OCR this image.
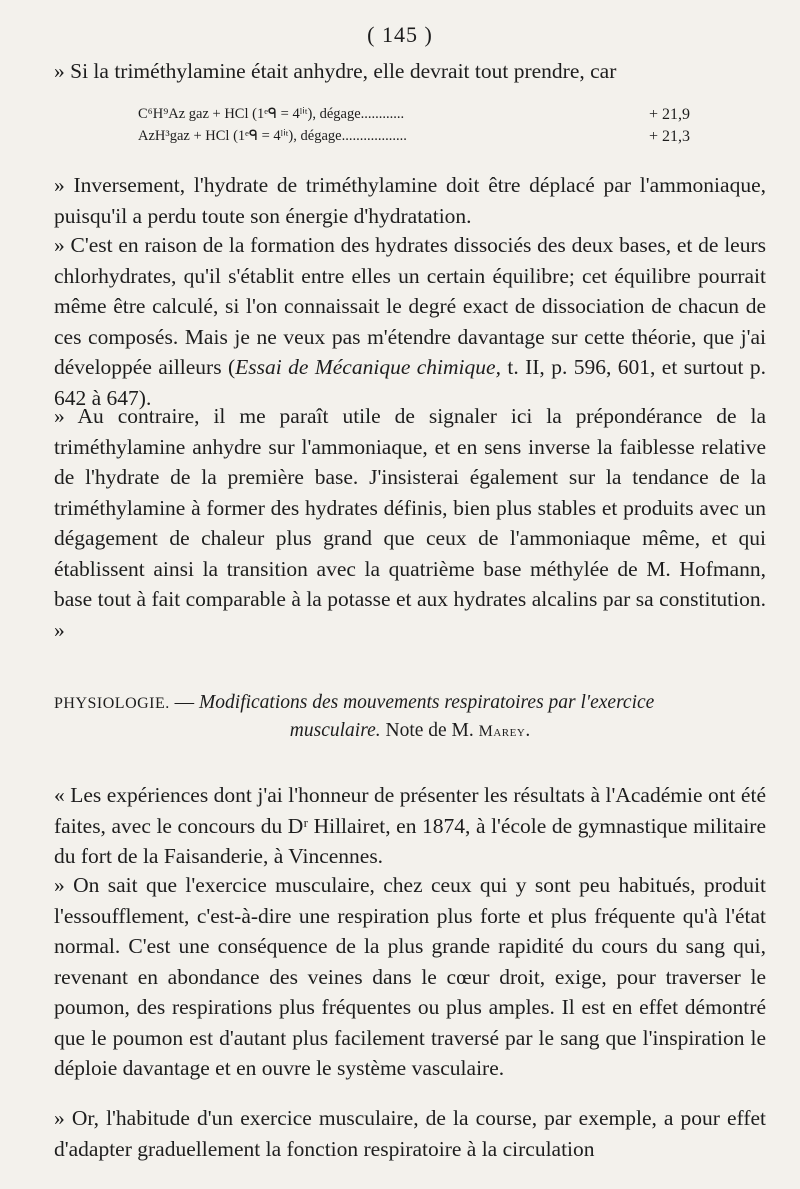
( 145 )

» Si la triméthylamine était anhydre, elle devrait tout prendre, car

C⁶H⁹Az gaz + HCl (1ᵉᑫ = 4ˡⁱᵗ), dégage............	+ 21,9
AzH³gaz + HCl (1ᵉᑫ = 4ˡⁱᵗ), dégage..................	+ 21,3

» Inversement, l'hydrate de triméthylamine doit être déplacé par l'ammoniaque, puisqu'il a perdu toute son énergie d'hydratation.

» C'est en raison de la formation des hydrates dissociés des deux bases, et de leurs chlorhydrates, qu'il s'établit entre elles un certain équilibre; cet équilibre pourrait même être calculé, si l'on connaissait le degré exact de dissociation de chacun de ces composés. Mais je ne veux pas m'étendre davantage sur cette théorie, que j'ai développée ailleurs (Essai de Mécanique chimique, t. II, p. 596, 601, et surtout p. 642 à 647).

» Au contraire, il me paraît utile de signaler ici la prépondérance de la triméthylamine anhydre sur l'ammoniaque, et en sens inverse la faiblesse relative de l'hydrate de la première base. J'insisterai également sur la tendance de la triméthylamine à former des hydrates définis, bien plus stables et produits avec un dégagement de chaleur plus grand que ceux de l'ammoniaque même, et qui établissent ainsi la transition avec la quatrième base méthylée de M. Hofmann, base tout à fait comparable à la potasse et aux hydrates alcalins par sa constitution. »

PHYSIOLOGIE. — Modifications des mouvements respiratoires par l'exercice
musculaire. Note de M. Marey.

« Les expériences dont j'ai l'honneur de présenter les résultats à l'Académie ont été faites, avec le concours du Dʳ Hillairet, en 1874, à l'école de gymnastique militaire du fort de la Faisanderie, à Vincennes.

» On sait que l'exercice musculaire, chez ceux qui y sont peu habitués, produit l'essoufflement, c'est-à-dire une respiration plus forte et plus fréquente qu'à l'état normal. C'est une conséquence de la plus grande rapidité du cours du sang qui, revenant en abondance des veines dans le cœur droit, exige, pour traverser le poumon, des respirations plus fréquentes ou plus amples. Il est en effet démontré que le poumon est d'autant plus facilement traversé par le sang que l'inspiration le déploie davantage et en ouvre le système vasculaire.

» Or, l'habitude d'un exercice musculaire, de la course, par exemple, a pour effet d'adapter graduellement la fonction respiratoire à la circulation
